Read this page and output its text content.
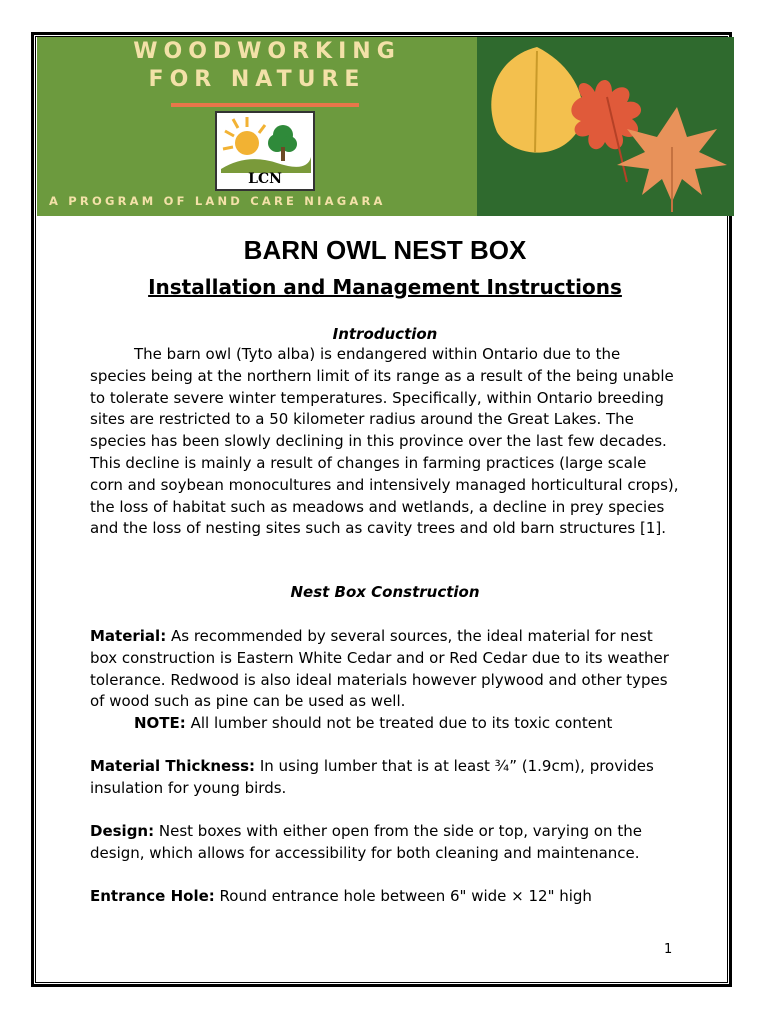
WOODWORKING
FOR NATURE
LCN
A PROGRAM OF LAND CARE NIAGARA
BARN OWL NEST BOX
Installation and Management Instructions
Introduction

The barn owl (Tyto alba) is endangered within Ontario due to the species being at the northern limit of its range as a result of the being unable to tolerate severe winter temperatures. Specifically, within Ontario breeding sites are restricted to a 50 kilometer radius around the Great Lakes. The species has been slowly declining in this province over the last few decades. This decline is mainly a result of changes in farming practices (large scale corn and soybean monocultures and intensively managed horticultural crops), the loss of habitat such as meadows and wetlands, a decline in prey species and the loss of nesting sites such as cavity trees and old barn structures [1].

Nest Box Construction

Material: As recommended by several sources, the ideal material for nest box construction is Eastern White Cedar and or Red Cedar due to its weather tolerance. Redwood is also ideal materials however plywood and other types of wood such as pine can be used as well.

NOTE: All lumber should not be treated due to its toxic content

Material Thickness: In using lumber that is at least ¾” (1.9cm), provides insulation for young birds.

Design: Nest boxes with either open from the side or top, varying on the design, which allows for accessibility for both cleaning and maintenance.

Entrance Hole: Round entrance hole between 6" wide × 12" high

1
